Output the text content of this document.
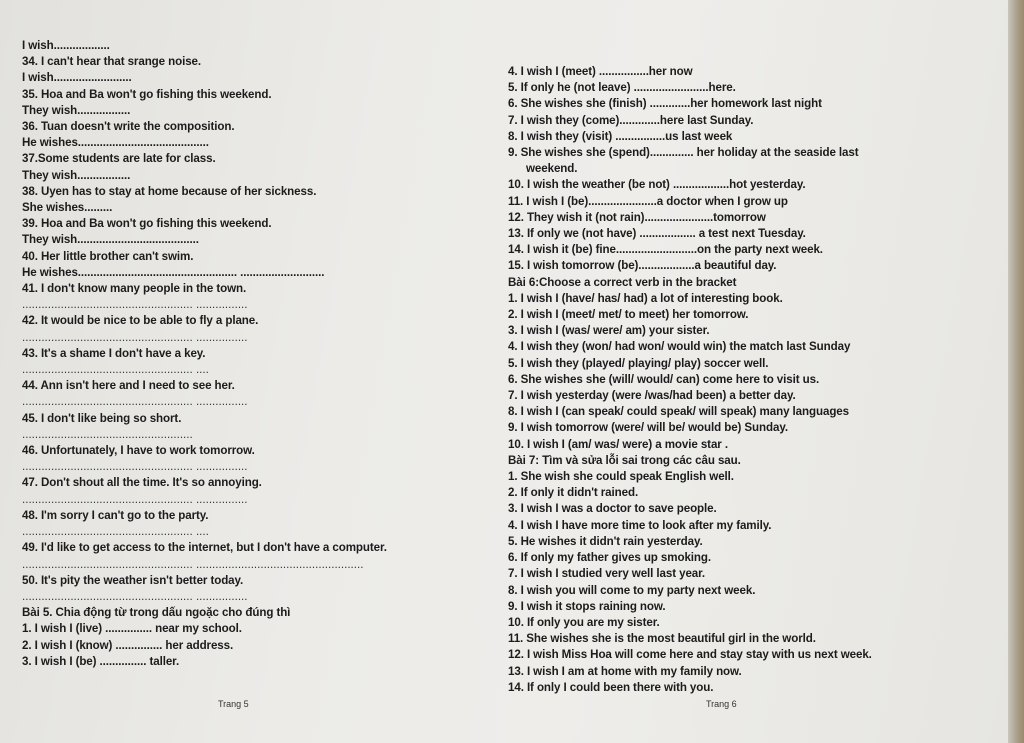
I wish..................
34. I can't hear that srange noise.
I wish.........................
35. Hoa and Ba won't go fishing this weekend.
They wish.................
36. Tuan doesn't write the composition.
He wishes..........................................
37.Some students are late for class.
They wish.................
38. Uyen has to stay at home because of her sickness.
She wishes.........
39. Hoa and Ba won't go fishing this weekend.
They wish.......................................
40. Her little brother can't swim.
He wishes................................................... ...........................
41. I don't know many people in the town.
..................................................... ................
42. It would be nice to be able to fly a plane.
..................................................... ................
43. It's a shame I don't have a key.
..................................................... ....
44. Ann isn't here and I need to see her.
..................................................... ................
45. I don't like being so short.
.....................................................
46. Unfortunately, I have to work tomorrow.
..................................................... ................
47. Don't shout all the time. It's so annoying.
..................................................... ................
48. I'm sorry I can't go to the party.
..................................................... ....
49. I'd like to get access to the internet, but I don't have a computer.
..................................................... ....................................................
50. It's pity the weather isn't better today.
..................................................... ................
Bài 5. Chia động từ trong dấu ngoặc cho đúng thì
1. I wish I (live) ............... near my school.
2. I wish I (know) ............... her address.
3. I wish I (be) ............... taller.
4. I wish I (meet) ................her now
5. If only he (not leave) ........................here.
6. She wishes she (finish) .............her homework last night
7. I wish they (come).............here last Sunday.
8. I wish they (visit) ................us last week
9. She wishes she (spend).............. her holiday at the seaside last
weekend.
10. I wish the weather (be not) ..................hot yesterday.
11. I wish I (be)......................a doctor when I grow up
12. They wish it (not rain)......................tomorrow
13. If only we (not have) .................. a test next Tuesday.
14. I wish it (be) fine..........................on the party next week.
15. I wish tomorrow (be)..................a beautiful day.
Bài 6:Choose a correct verb in the bracket
1. I wish I (have/ has/ had) a lot of interesting book.
2. I wish I (meet/ met/ to meet) her tomorrow.
3. I wish I (was/ were/ am) your sister.
4. I wish they (won/ had won/ would win) the match last Sunday
5. I wish they (played/ playing/ play) soccer well.
6. She wishes she (will/ would/ can) come here to visit us.
7. I wish yesterday (were /was/had been) a better day.
8. I wish I (can speak/ could speak/ will speak) many languages
9. I wish tomorrow (were/ will be/ would be) Sunday.
10. I wish I (am/ was/ were) a movie star .
Bài 7: Tìm và sửa lỗi sai trong các câu sau.
1. She wish she could speak English well.
2. If only it didn't rained.
3. I wish I was a doctor to save people.
4. I wish I have more time to look after my family.
5. He wishes it didn't rain yesterday.
6. If only my father gives up smoking.
7. I wish I studied very well last year.
8. I wish you will come to my party next week.
9. I wish it stops raining now.
10. If only you are my sister.
11. She wishes she is the most beautiful girl in the world.
12. I wish Miss Hoa will come here and stay stay with us next week.
13. I wish I am at home with my family now.
14. If only I could been there with you.
Trang 5	Trang 6
